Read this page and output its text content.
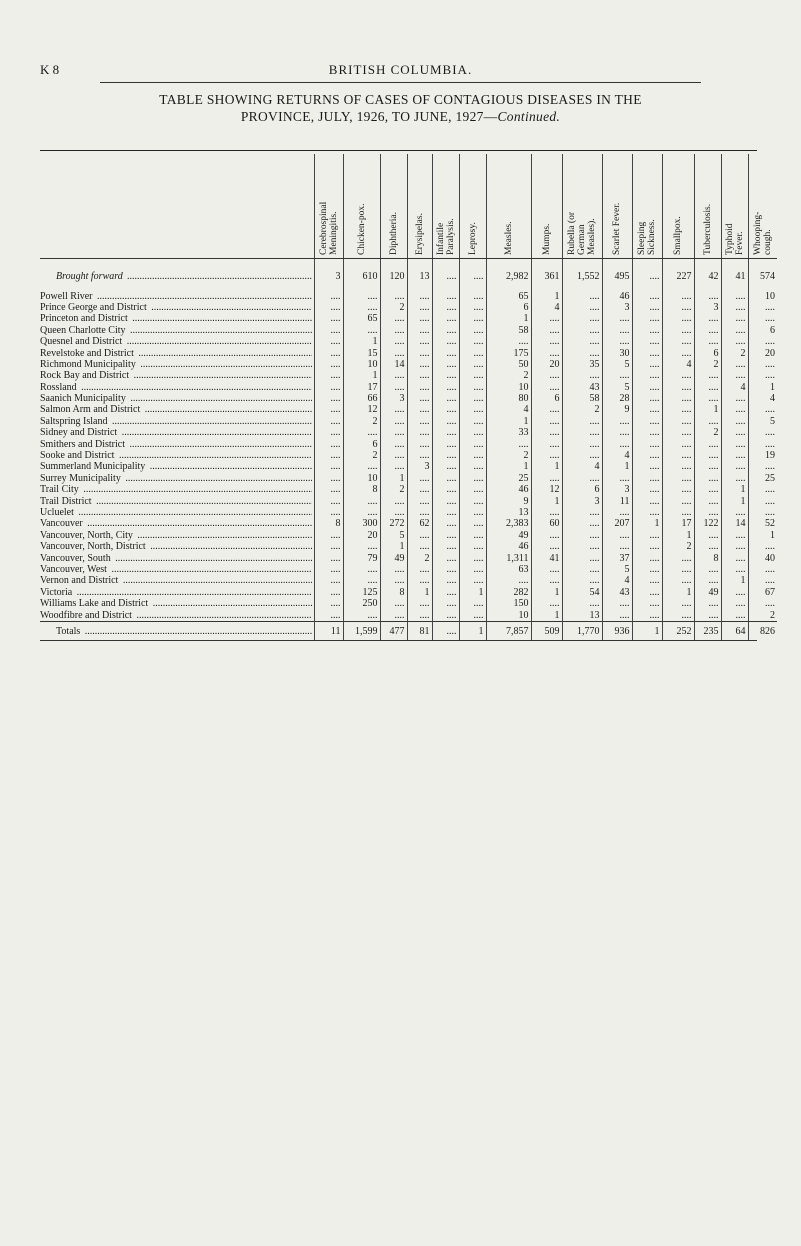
K 8	BRITISH COLUMBIA.
TABLE SHOWING RETURNS OF CASES OF CONTAGIOUS DISEASES IN THE
PROVINCE, JULY, 1926, TO JUNE, 1927—Continued.

	Cerebrospinal
Meningitis.	Chicken-pox.	Diphtheria.	Erysipelas.	Infantile
Paralysis.	Leprosy.	Measles.	Mumps.	Rubella (or
German
Measles).	Scarlet Fever.	Sleeping
Sickness.	Smallpox.	Tuberculosis.	Typhoid
Fever.	Whooping-
cough.

Brought forward .....	3	610	120	13	....	....	2,982	361	1,552	495	....	227	42	41	574

Powell River .....	....	....	....	....	....	....	65	1	....	46	....	....	....	....	10

Prince George and District .....	....	....	2	....	....	....	6	4	....	3	....	....	3	....	....

Princeton and District .....	....	65	....	....	....	....	1	....	....	....	....	....	....	....	....

Queen Charlotte City .....	....	....	....	....	....	....	58	....	....	....	....	....	....	....	6

Quesnel and District .....	....	1	....	....	....	....	....	....	....	....	....	....	....	....	....

Revelstoke and District .....	....	15	....	....	....	....	175	....	....	30	....	....	6	2	20

Richmond Municipality .....	....	10	14	....	....	....	50	20	35	5	....	4	2	....	....

Rock Bay and District .....	....	1	....	....	....	....	2	....	....	....	....	....	....	....	....

Rossland .....	....	17	....	....	....	....	10	....	43	5	....	....	....	4	1

Saanich Municipality .....	....	66	3	....	....	....	80	6	58	28	....	....	....	....	4

Salmon Arm and District .....	....	12	....	....	....	....	4	....	2	9	....	....	1	....	....

Saltspring Island .....	....	2	....	....	....	....	1	....	....	....	....	....	....	....	5

Sidney and District .....	....	....	....	....	....	....	33	....	....	....	....	....	2	....	....

Smithers and District .....	....	6	....	....	....	....	....	....	....	....	....	....	....	....	....

Sooke and District .....	....	2	....	....	....	....	2	....	....	4	....	....	....	....	19

Summerland Municipality .....	....	....	....	3	....	....	1	1	4	1	....	....	....	....	....

Surrey Municipality .....	....	10	1	....	....	....	25	....	....	....	....	....	....	....	25

Trail City .....	....	8	2	....	....	....	46	12	6	3	....	....	....	1	....

Trail District .....	....	....	....	....	....	....	9	1	3	11	....	....	....	1	....

Ucluelet .....	....	....	....	....	....	....	13	....	....	....	....	....	....	....	....

Vancouver .....	8	300	272	62	....	....	2,383	60	....	207	1	17	122	14	52

Vancouver, North, City .....	....	20	5	....	....	....	49	....	....	....	....	1	....	....	1

Vancouver, North, District .....	....	....	1	....	....	....	46	....	....	....	....	2	....	....	....

Vancouver, South .....	....	79	49	2	....	....	1,311	41	....	37	....	....	8	....	40

Vancouver, West .....	....	....	....	....	....	....	63	....	....	5	....	....	....	....	....

Vernon and District .....	....	....	....	....	....	....	....	....	....	4	....	....	....	1	....

Victoria .....	....	125	8	1	....	1	282	1	54	43	....	1	49	....	67

Williams Lake and District .....	....	250	....	....	....	....	150	....	....	....	....	....	....	....	....

Woodfibre and District .....	....	....	....	....	....	....	10	1	13	....	....	....	....	....	2

Totals .....	11	1,599	477	81	....	1	7,857	509	1,770	936	1	252	235	64	826
